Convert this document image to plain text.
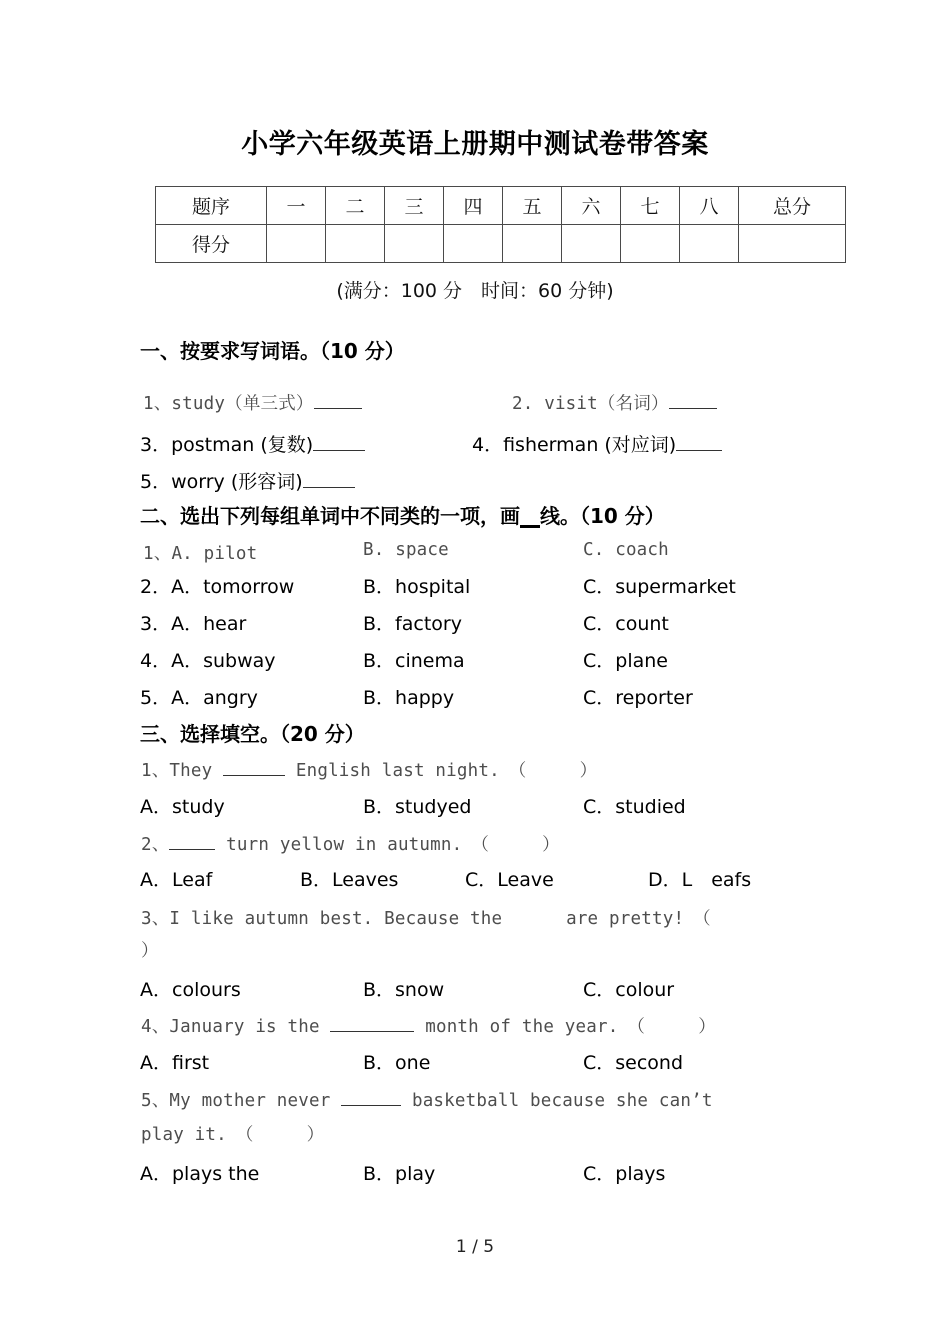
小学六年级英语上册期中测试卷带答案
题序	一	二	三	四	五	六	七	八	总分
得分									
(满分：100 分　时间：60 分钟)
一、按要求写词语。（10 分）
1、study（单三式）	2. visit（名词）
3．postman (复数)	4．fisherman (对应词)
5．worry (形容词)
二、选出下列每组单词中不同类的一项，画__线。（10 分）
1、A. pilot	B. space	C. coach
2．A．tomorrow	B．hospital	C．supermarket
3．A．hear	B．factory	C．count
4．A．subway	B．cinema	C．plane
5．A．angry	B．happy	C．reporter
三、选择填空。（20 分）
1、They	English last night.　（　　　）
A．study	B．studyed	C．studied
2、	turn yellow in autumn.　（　　　）
A．Leaf	B．Leaves	C．Leave	D．L　eafs
3、I like autumn best. Because the 　　　are pretty!　（
）
A．colours	B．snow	C．colour
4、January is the	month of the year.　（　　　）
A．first	B．one	C．second
5、My mother never	basketball because she can’t
play it.　（　　　）
A．plays the	B．play	C．plays
1 / 5
